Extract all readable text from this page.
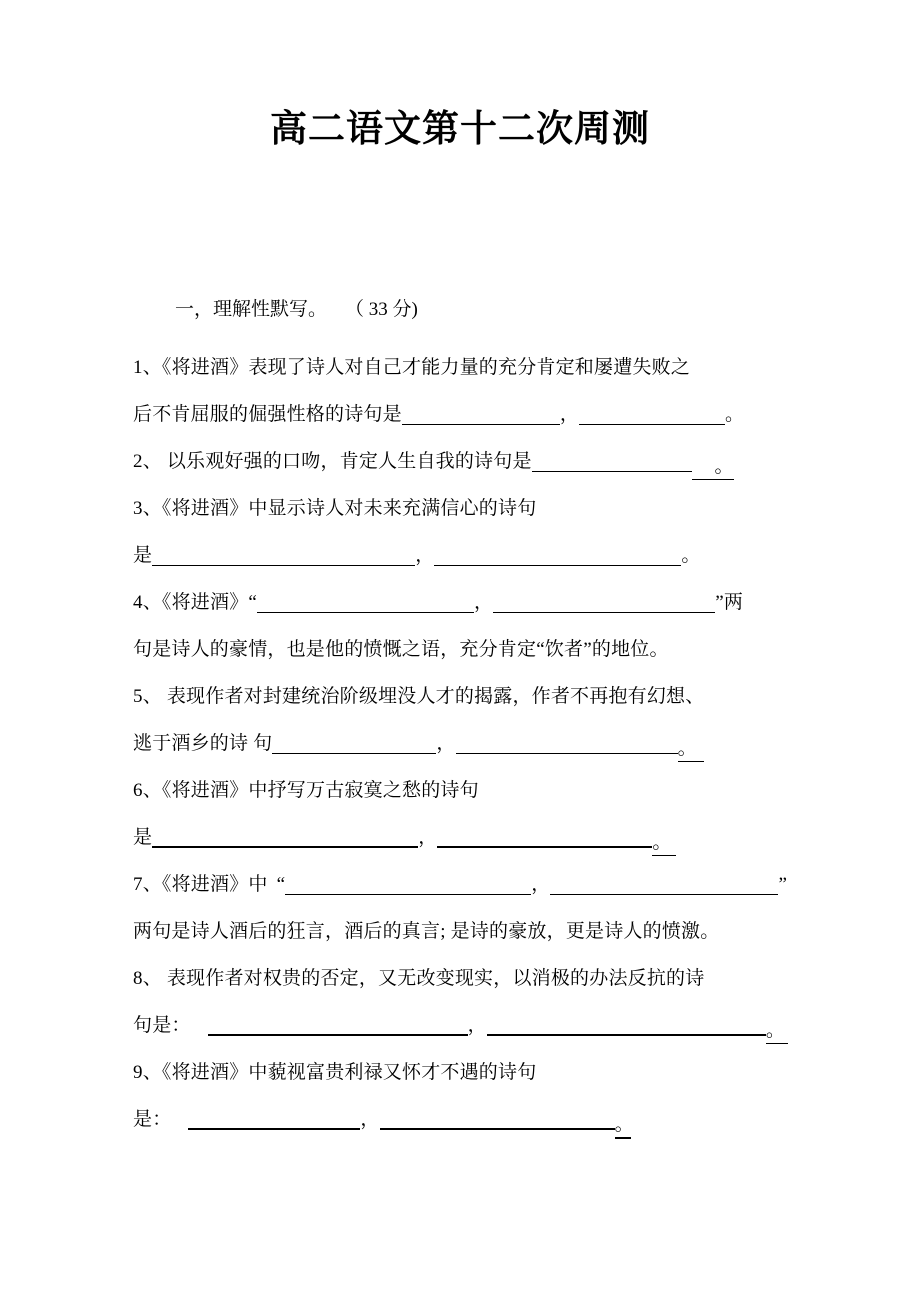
高二语文第十二次周测
一，理解性默写。 （ 33 分)
1、《将进酒》表现了诗人对自己才能力量的充分肯定和屡遭失败之
后不肯屈服的倔强性格的诗句是	，	。
2、 以乐观好强的口吻，肯定人生自我的诗句是	。
3、《将进酒》中显示诗人对未来充满信心的诗句
是	，	。
4、《将进酒》“	，	”两
句是诗人的豪情，也是他的愤慨之语，充分肯定“饮者”的地位。
5、 表现作者对封建统治阶级埋没人才的揭露，作者不再抱有幻想、
逃于酒乡的诗 句	，	。
6、《将进酒》中抒写万古寂寞之愁的诗句
是	，	。
7、《将进酒》中 “	，	”
两句是诗人酒后的狂言，酒后的真言; 是诗的豪放，更是诗人的愤激。
8、 表现作者对权贵的否定，又无改变现实，以消极的办法反抗的诗
句是：	，	。
9、《将进酒》中藐视富贵利禄又怀才不遇的诗句
是：	，	。
